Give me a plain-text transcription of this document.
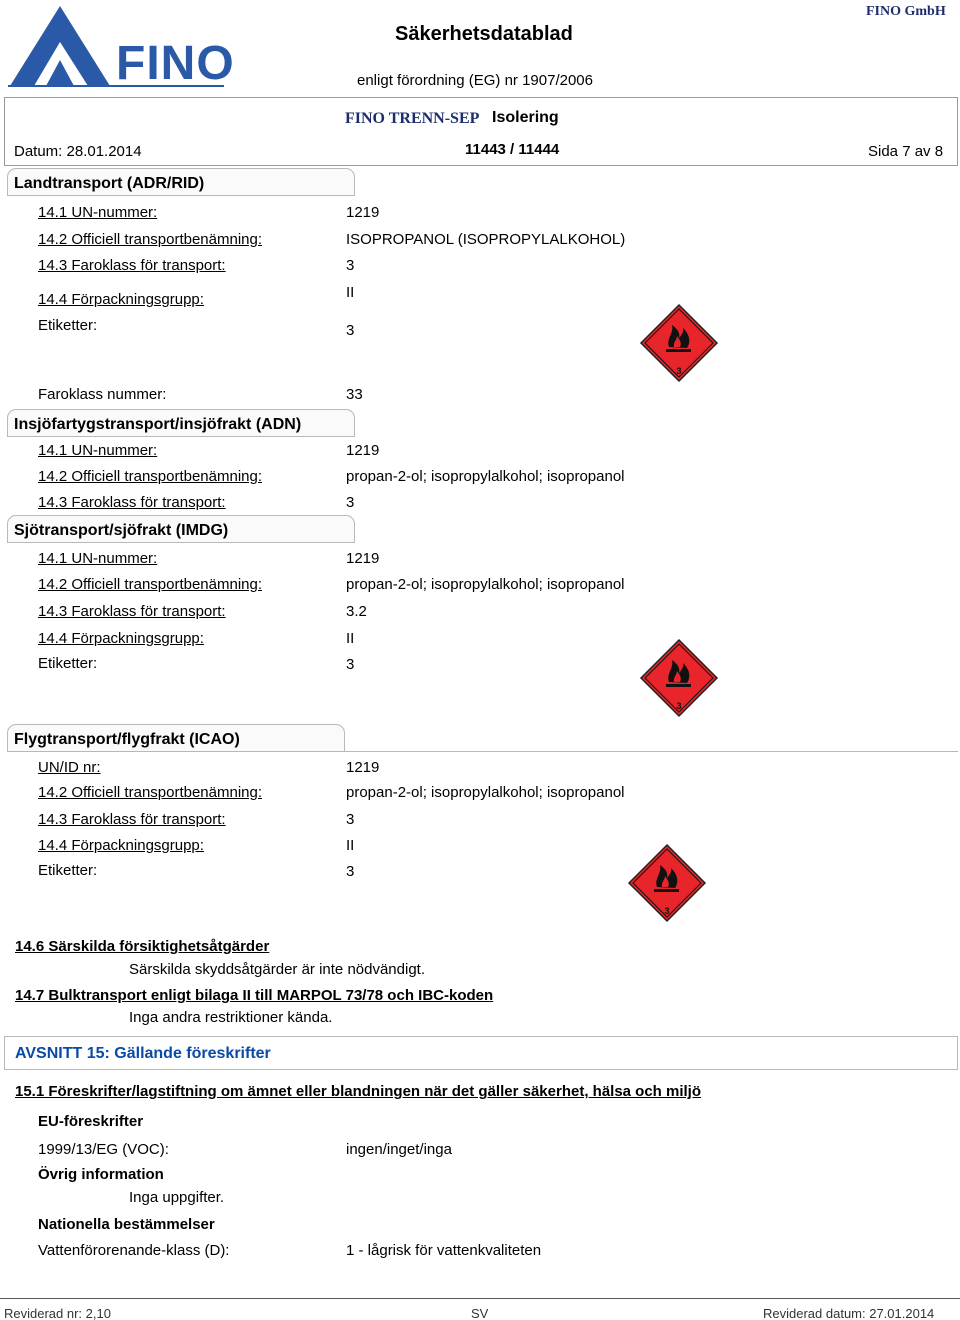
FINO
Säkerhetsdatablad
enligt förordning (EG) nr 1907/2006
FINO GmbH
FINO TRENN-SEP Isolering
Datum: 28.01.2014	11443 / 11444	Sida 7 av 8
Landtransport (ADR/RID)
14.1 UN-nummer:	1219
14.2 Officiell transportbenämning:	ISOPROPANOL (ISOPROPYLALKOHOL)
14.3 Faroklass för transport:	3
14.4 Förpackningsgrupp:	II
Etiketter:	3
3
Faroklass nummer:	33
Insjöfartygstransport/insjöfrakt (ADN)
14.1 UN-nummer:	1219
14.2 Officiell transportbenämning:	propan-2-ol; isopropylalkohol; isopropanol
14.3 Faroklass för transport:	3
Sjötransport/sjöfrakt (IMDG)
14.1 UN-nummer:	1219
14.2 Officiell transportbenämning:	propan-2-ol; isopropylalkohol; isopropanol
14.3 Faroklass för transport:	3.2
14.4 Förpackningsgrupp:	II
Etiketter:	3
3
Flygtransport/flygfrakt (ICAO)
UN/ID nr:	1219
14.2 Officiell transportbenämning:	propan-2-ol; isopropylalkohol; isopropanol
14.3 Faroklass för transport:	3
14.4 Förpackningsgrupp:	II
Etiketter:	3
3
14.6 Särskilda försiktighetsåtgärder
Särskilda skyddsåtgärder är inte nödvändigt.
14.7 Bulktransport enligt bilaga II till MARPOL 73/78 och IBC-koden
Inga andra restriktioner kända.
AVSNITT 15: Gällande föreskrifter
15.1 Föreskrifter/lagstiftning om ämnet eller blandningen när det gäller säkerhet, hälsa och miljö
EU-föreskrifter
1999/13/EG (VOC):	ingen/inget/inga
Övrig information
Inga uppgifter.
Nationella bestämmelser
Vattenförorenande-klass (D):	1 - lågrisk för vattenkvaliteten
Reviderad nr: 2,10	SV	Reviderad datum: 27.01.2014
